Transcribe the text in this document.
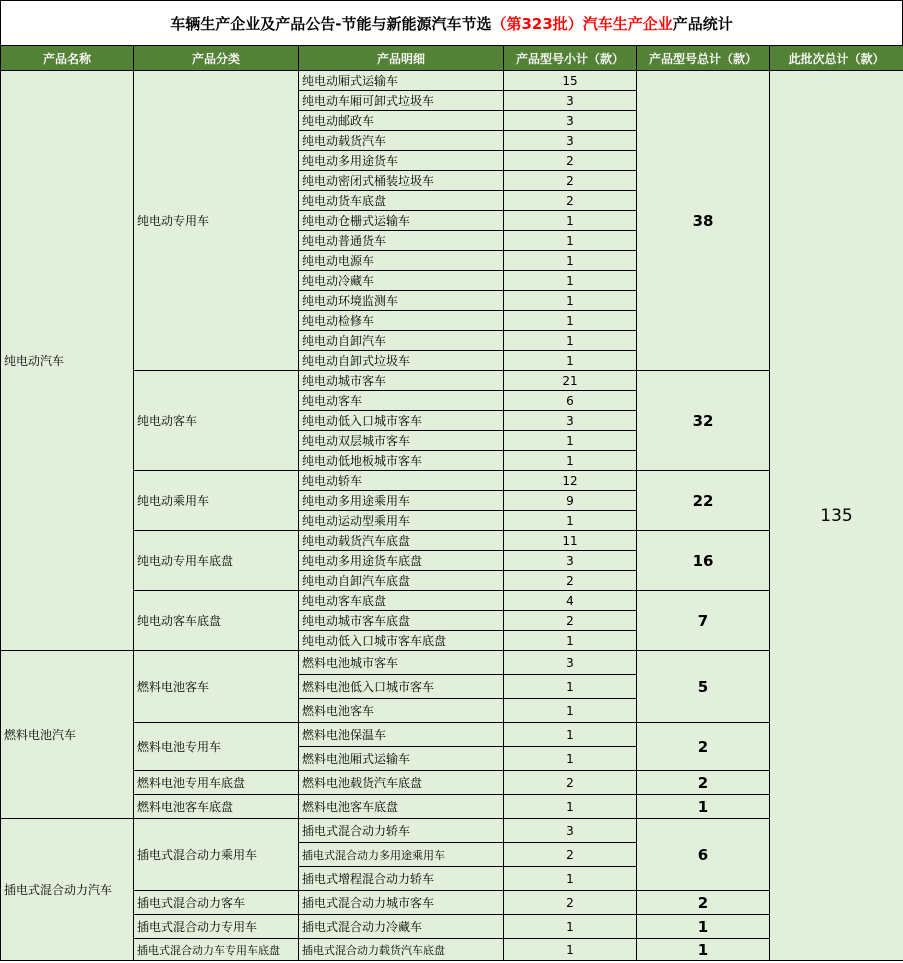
车辆生产企业及产品公告-节能与新能源汽车节选 （第323批）汽车生产企业 产品统计
产品名称	产品分类	产品明细	产品型号小计（款）	产品型号总计（款）	此批次总计（款）
纯电动汽车	纯电动专用车	纯电动厢式运输车	15	38	135
		纯电动车厢可卸式垃圾车	3		
		纯电动邮政车	3		
		纯电动载货汽车	3		
		纯电动多用途货车	2		
		纯电动密闭式桶装垃圾车	2		
		纯电动货车底盘	2		
		纯电动仓栅式运输车	1		
		纯电动普通货车	1		
		纯电动电源车	1		
		纯电动冷藏车	1		
		纯电动环境监测车	1		
		纯电动检修车	1		
		纯电动自卸汽车	1		
		纯电动自卸式垃圾车	1		
	纯电动客车	纯电动城市客车	21	32	
		纯电动客车	6		
		纯电动低入口城市客车	3		
		纯电动双层城市客车	1		
		纯电动低地板城市客车	1		
	纯电动乘用车	纯电动轿车	12	22	
		纯电动多用途乘用车	9		
		纯电动运动型乘用车	1		
	纯电动专用车底盘	纯电动载货汽车底盘	11	16	
		纯电动多用途货车底盘	3		
		纯电动自卸汽车底盘	2		
	纯电动客车底盘	纯电动客车底盘	4	7	
		纯电动城市客车底盘	2		
		纯电动低入口城市客车底盘	1		
燃料电池汽车	燃料电池客车	燃料电池城市客车	3	5	
		燃料电池低入口城市客车	1		
		燃料电池客车	1		
	燃料电池专用车	燃料电池保温车	1	2	
		燃料电池厢式运输车	1		
	燃料电池专用车底盘	燃料电池载货汽车底盘	2	2	
	燃料电池客车底盘	燃料电池客车底盘	1	1	
插电式混合动力汽车	插电式混合动力乘用车	插电式混合动力轿车	3	6	
		插电式混合动力多用途乘用车	2		
		插电式增程混合动力轿车	1		
	插电式混合动力客车	插电式混合动力城市客车	2	2	
	插电式混合动力专用车	插电式混合动力冷藏车	1	1	
	插电式混合动力车专用车底盘	插电式混合动力载货汽车底盘	1	1	
